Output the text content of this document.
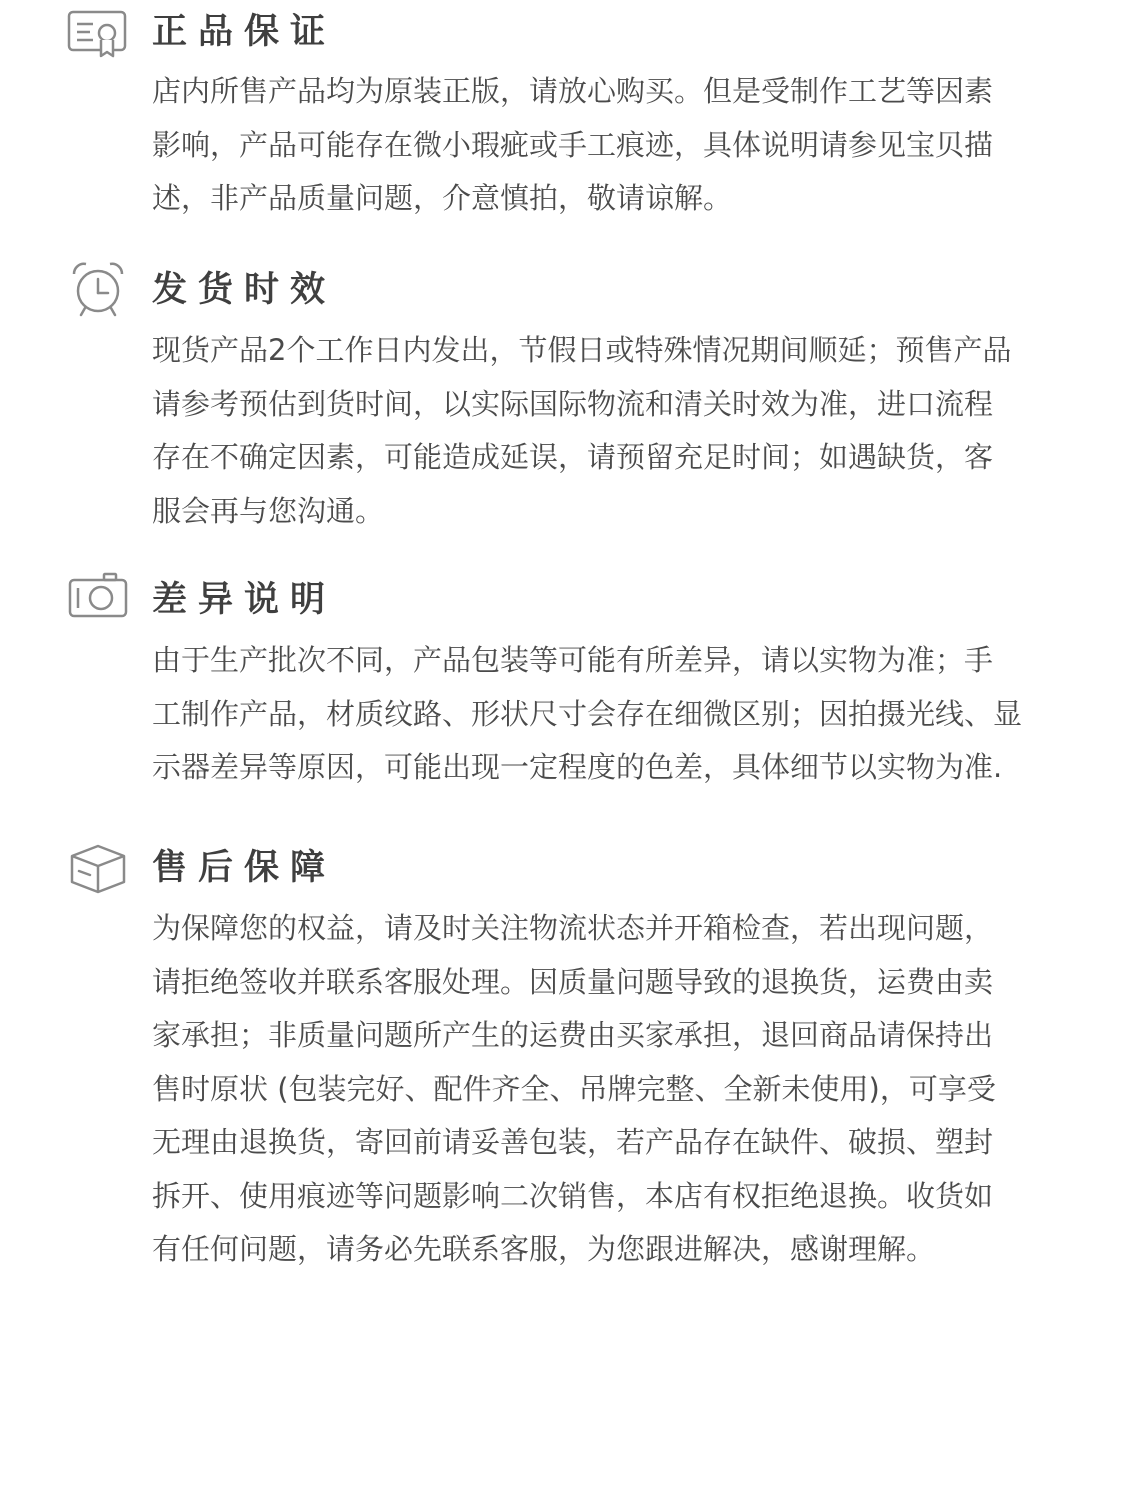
正品保证
店内所售产品均为原装正版，请放心购买。但是受制作工艺等因素
影响，产品可能存在微小瑕疵或手工痕迹，具体说明请参见宝贝描
述，非产品质量问题，介意慎拍，敬请谅解。
发货时效
现货产品2个工作日内发出，节假日或特殊情况期间顺延；预售产品
请参考预估到货时间，以实际国际物流和清关时效为准，进口流程
存在不确定因素，可能造成延误，请预留充足时间；如遇缺货，客
服会再与您沟通。
差异说明
由于生产批次不同，产品包装等可能有所差异，请以实物为准；手
工制作产品，材质纹路、形状尺寸会存在细微区别；因拍摄光线、显
示器差异等原因，可能出现一定程度的色差，具体细节以实物为准.
售后保障
为保障您的权益，请及时关注物流状态并开箱检查，若出现问题，
请拒绝签收并联系客服处理。因质量问题导致的退换货，运费由卖
家承担；非质量问题所产生的运费由买家承担，退回商品请保持出
售时原状 (包装完好、配件齐全、吊牌完整、全新未使用)，可享受
无理由退换货，寄回前请妥善包装，若产品存在缺件、破损、塑封
拆开、使用痕迹等问题影响二次销售，本店有权拒绝退换。收货如
有任何问题，请务必先联系客服，为您跟进解决，感谢理解。
